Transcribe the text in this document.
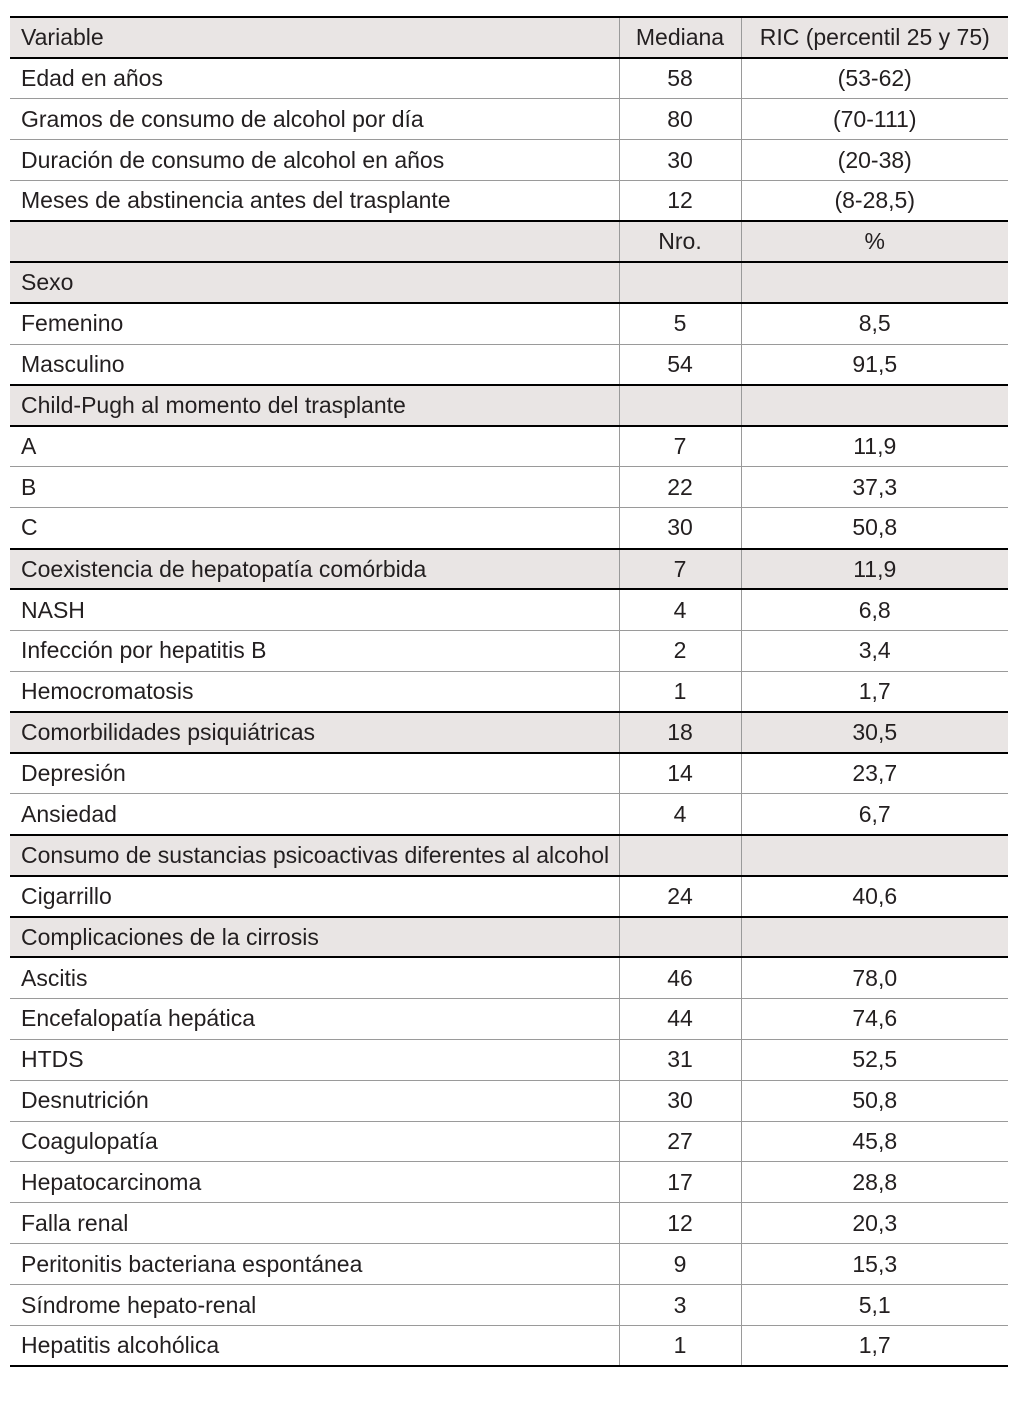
Variable	Mediana	RIC (percentil 25 y 75)
Edad en años	58	(53-62)
Gramos de consumo de alcohol por día	80	(70-111)
Duración de consumo de alcohol en años	30	(20-38)
Meses de abstinencia antes del trasplante	12	(8-28,5)
	Nro.	%
Sexo		
Femenino	5	8,5
Masculino	54	91,5
Child-Pugh al momento del trasplante		
A	7	11,9
B	22	37,3
C	30	50,8
Coexistencia de hepatopatía comórbida	7	11,9
NASH	4	6,8
Infección por hepatitis B	2	3,4
Hemocromatosis	1	1,7
Comorbilidades psiquiátricas	18	30,5
Depresión	14	23,7
Ansiedad	4	6,7
Consumo de sustancias psicoactivas diferentes al alcohol		
Cigarrillo	24	40,6
Complicaciones de la cirrosis		
Ascitis	46	78,0
Encefalopatía hepática	44	74,6
HTDS	31	52,5
Desnutrición	30	50,8
Coagulopatía	27	45,8
Hepatocarcinoma	17	28,8
Falla renal	12	20,3
Peritonitis bacteriana espontánea	9	15,3
Síndrome hepato-renal	3	5,1
Hepatitis alcohólica	1	1,7
